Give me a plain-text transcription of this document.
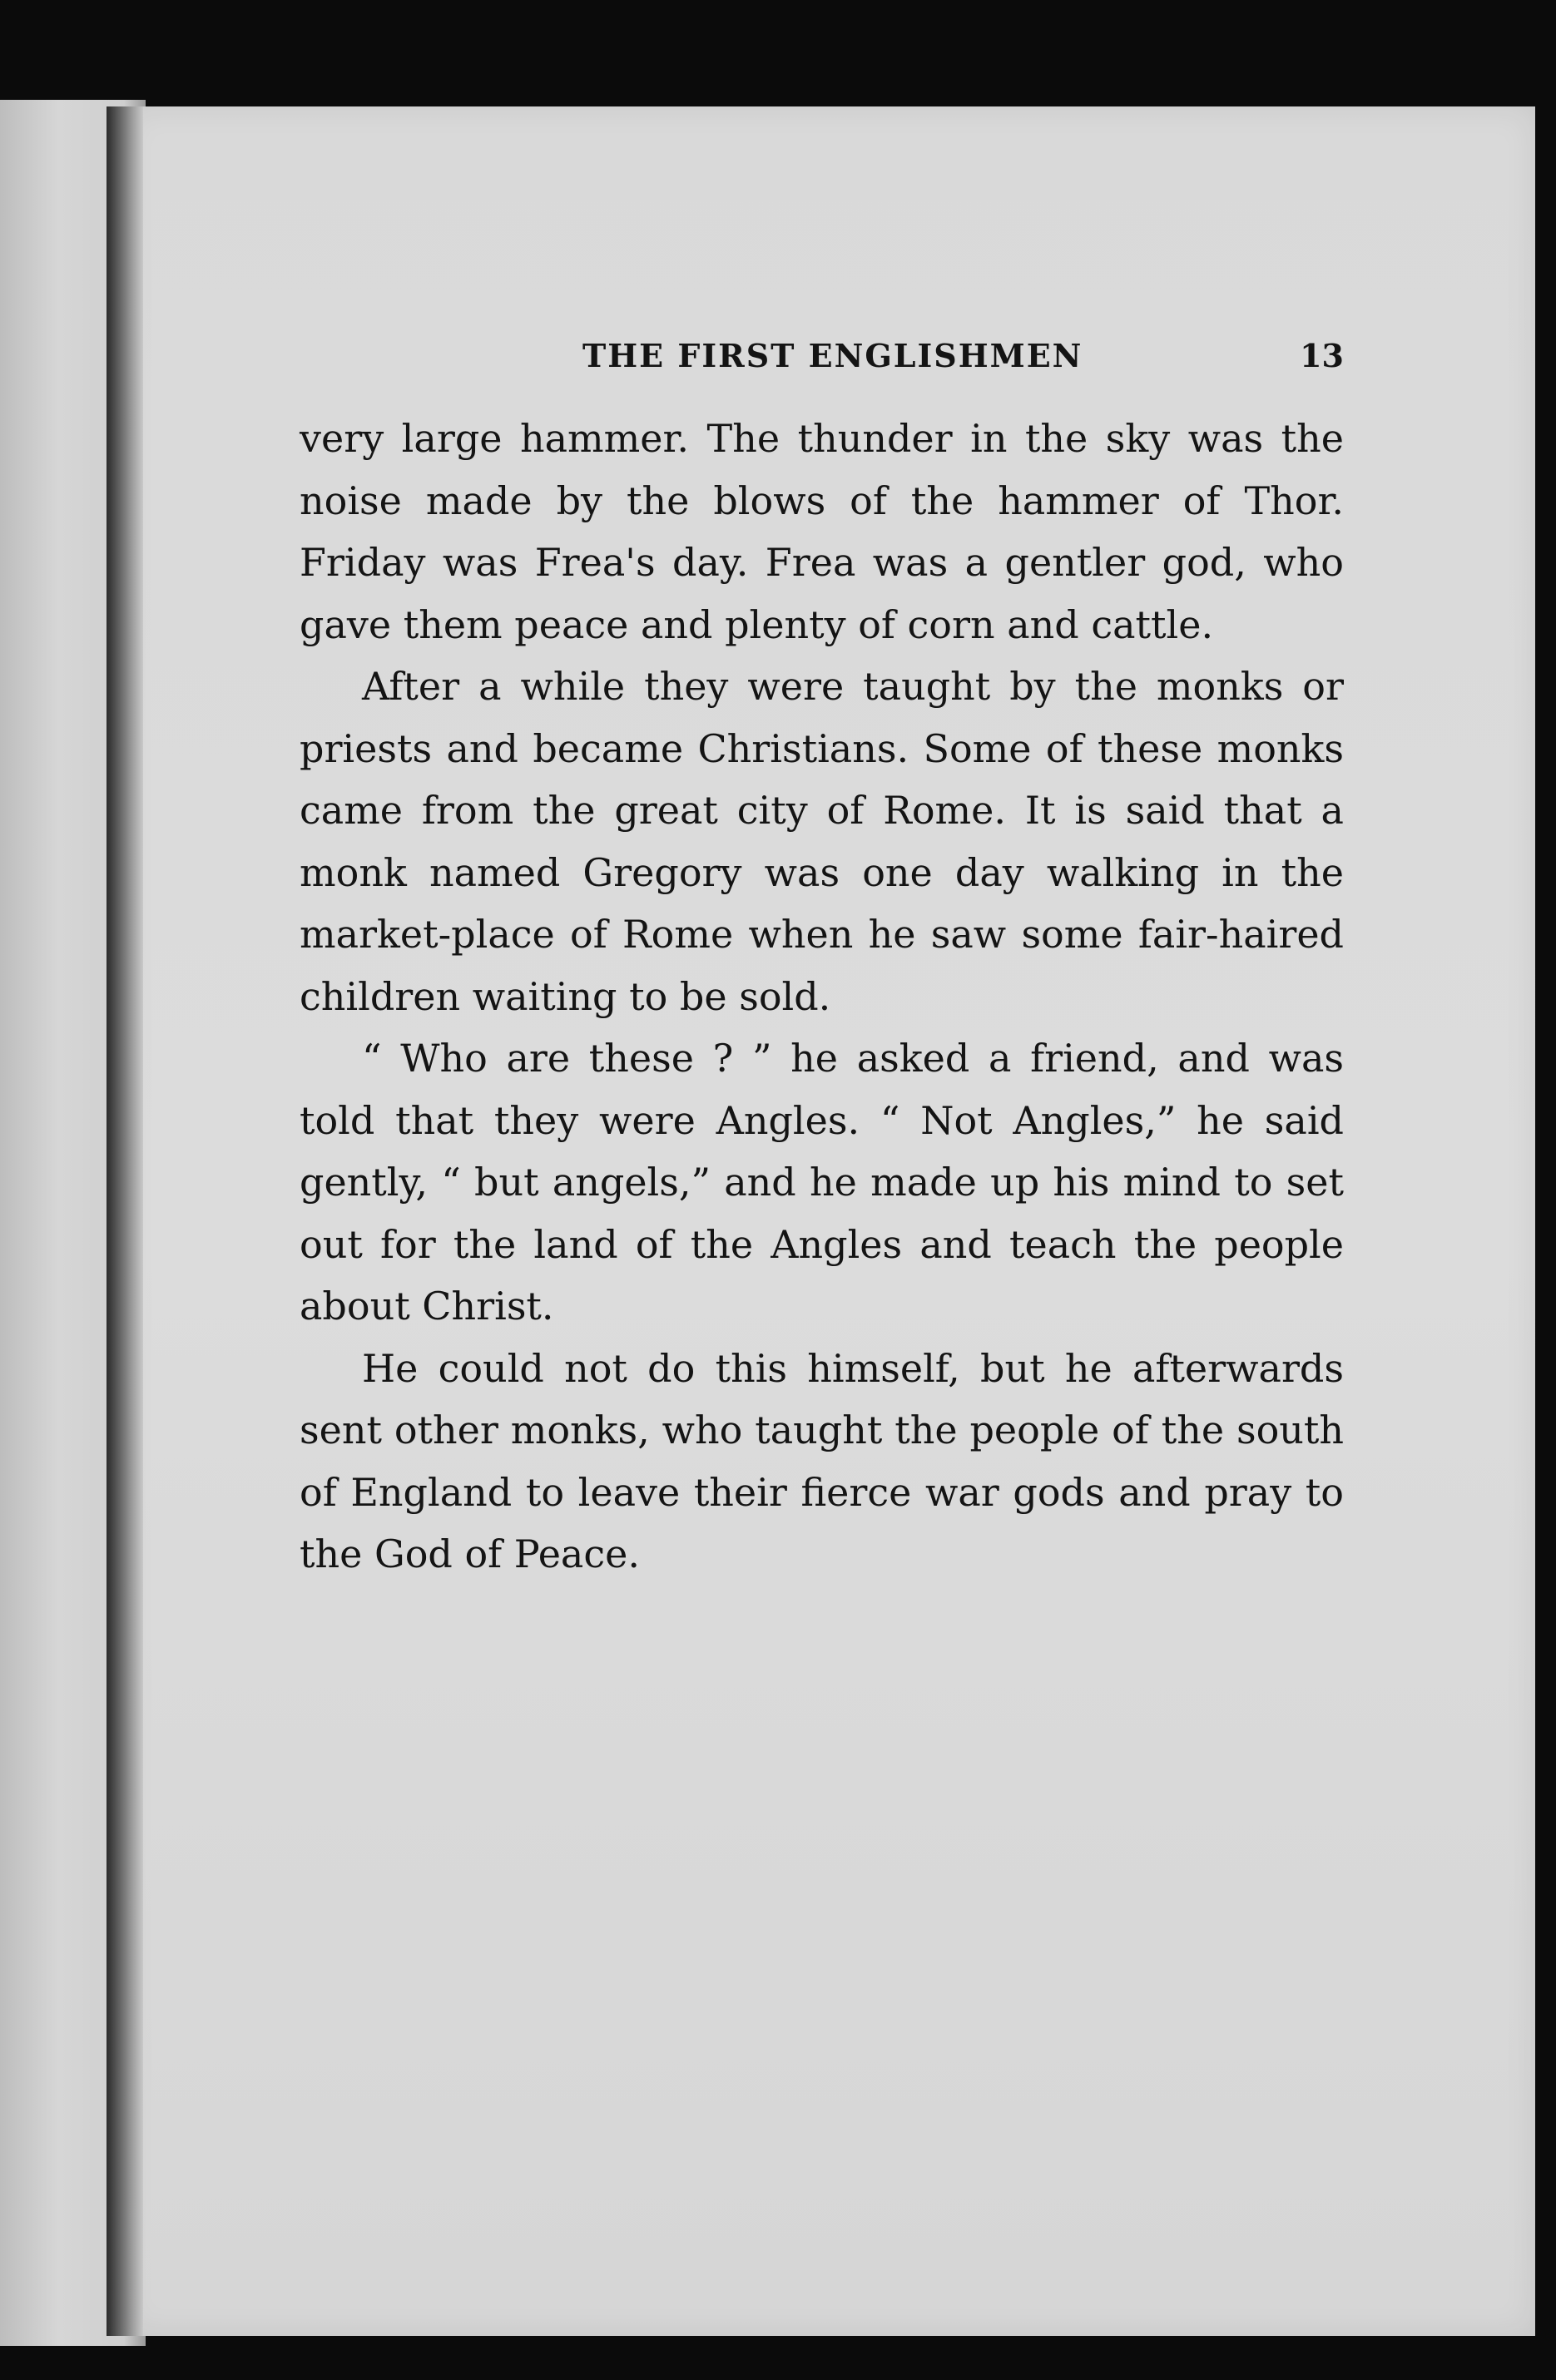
THE FIRST ENGLISHMEN	13

very large hammer. The thunder in the sky was the noise made by the blows of the hammer of Thor. Friday was Frea's day. Frea was a gentler god, who gave them peace and plenty of corn and cattle.

After a while they were taught by the monks or priests and became Christians. Some of these monks came from the great city of Rome. It is said that a monk named Gregory was one day walking in the market-place of Rome when he saw some fair-haired children waiting to be sold.

“ Who are these ? ” he asked a friend, and was told that they were Angles. “ Not Angles,” he said gently, “ but angels,” and he made up his mind to set out for the land of the Angles and teach the people about Christ.

He could not do this himself, but he afterwards sent other monks, who taught the people of the south of England to leave their fierce war gods and pray to the God of Peace.
